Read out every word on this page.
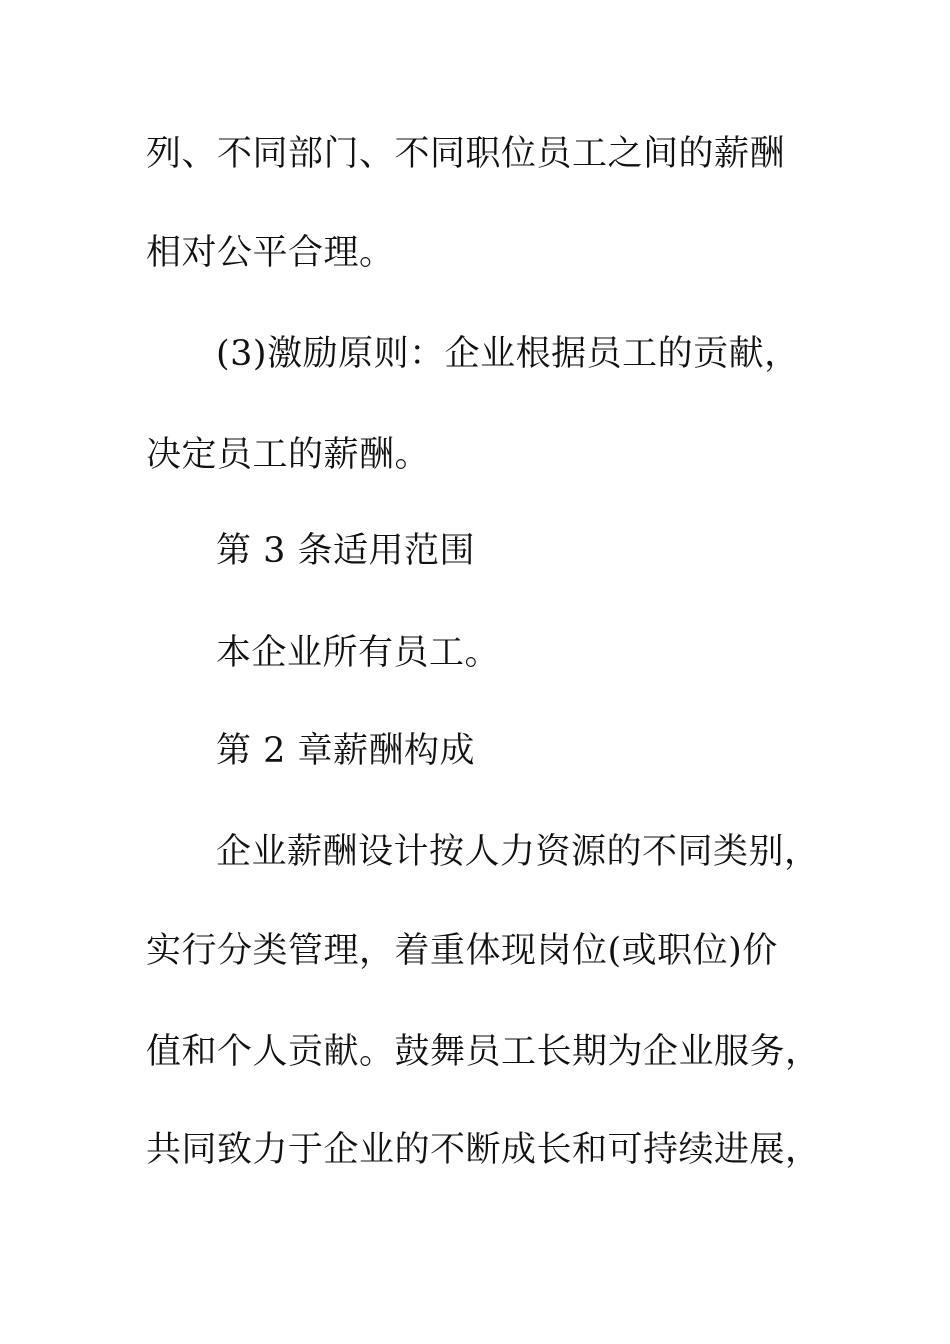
列、不同部门、不同职位员工之间的薪酬

相对公平合理。

(3)激励原则：企业根据员工的贡献，

决定员工的薪酬。

第 3 条适用范围

本企业所有员工。

第 2 章薪酬构成

企业薪酬设计按人力资源的不同类别，

实行分类管理，着重体现岗位(或职位)价

值和个人贡献。鼓舞员工长期为企业服务，

共同致力于企业的不断成长和可持续进展，
